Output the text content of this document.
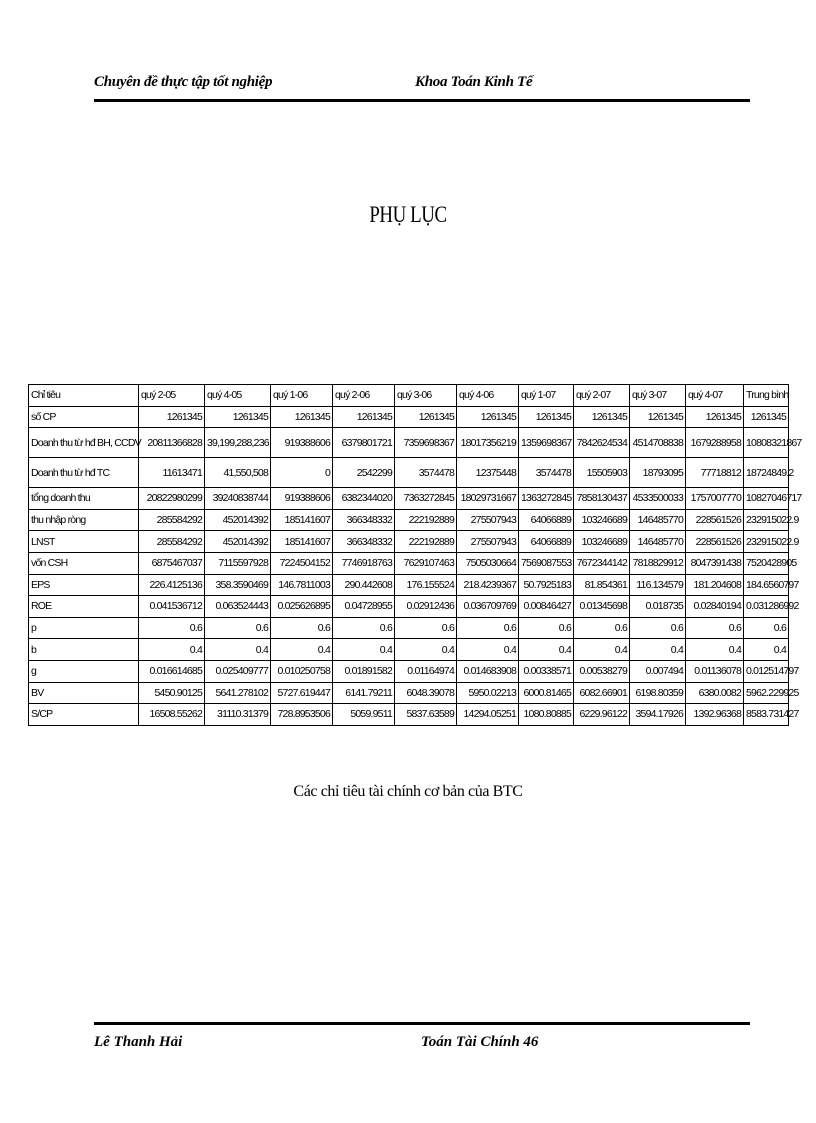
Chuyên đề thực tập tốt nghiệp	Khoa Toán Kinh Tế
PHỤ LỤC
Chỉ tiêu	quý 2-05	quý 4-05	quý 1-06	quý 2-06	quý 3-06	quý 4-06	quý 1-07	quý 2-07	quý 3-07	quý 4-07	Trung bình
số CP	1261345	1261345	1261345	1261345	1261345	1261345	1261345	1261345	1261345	1261345	1261345
Doanh thu từ hđ BH, CCDV	20811366828	39,199,288,236	919388606	6379801721	7359698367	18017356219	1359698367	7842624534	4514708838	1679288958	10808321867
Doanh thu từ hđ TC	11613471	41,550,508	0	2542299	3574478	12375448	3574478	15505903	18793095	77718812	18724849.2
tổng doanh thu	20822980299	39240838744	919388606	6382344020	7363272845	18029731667	1363272845	7858130437	4533500033	1757007770	10827046717
thu nhập ròng	285584292	452014392	185141607	366348332	222192889	275507943	64066889	103246689	146485770	228561526	232915022.9
LNST	285584292	452014392	185141607	366348332	222192889	275507943	64066889	103246689	146485770	228561526	232915022.9
vốn CSH	6875467037	7115597928	7224504152	7746918763	7629107463	7505030664	7569087553	7672344142	7818829912	8047391438	7520428905
EPS	226.4125136	358.3590469	146.7811003	290.442608	176.155524	218.4239367	50.7925183	81.854361	116.134579	181.204608	184.6560797
ROE	0.041536712	0.063524443	0.025626895	0.04728955	0.02912436	0.036709769	0.00846427	0.01345698	0.018735	0.02840194	0.031286992
p	0.6	0.6	0.6	0.6	0.6	0.6	0.6	0.6	0.6	0.6	0.6
b	0.4	0.4	0.4	0.4	0.4	0.4	0.4	0.4	0.4	0.4	0.4
g	0.016614685	0.025409777	0.010250758	0.01891582	0.01164974	0.014683908	0.00338571	0.00538279	0.007494	0.01136078	0.012514797
BV	5450.90125	5641.278102	5727.619447	6141.79211	6048.39078	5950.02213	6000.81465	6082.66901	6198.80359	6380.0082	5962.229925
S/CP	16508.55262	31110.31379	728.8953506	5059.9511	5837.63589	14294.05251	1080.80885	6229.96122	3594.17926	1392.96368	8583.731427
Các chỉ tiêu tài chính cơ bản của BTC
Lê Thanh Hải	Toán Tài Chính 46
